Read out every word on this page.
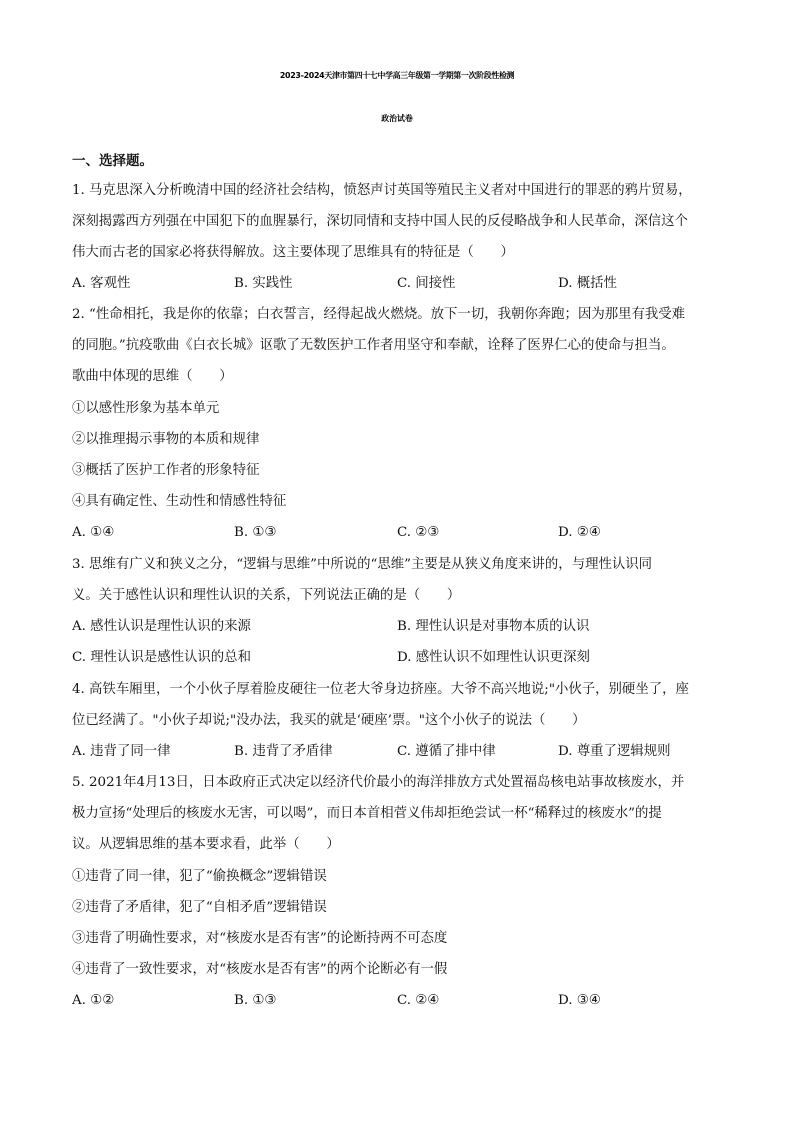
2023-2024天津市第四十七中学高三年级第一学期第一次阶段性检测
政治试卷
一、选择题。
1. 马克思深入分析晚清中国的经济社会结构，愤怒声讨英国等殖民主义者对中国进行的罪恶的鸦片贸易，
深刻揭露西方列强在中国犯下的血腥暴行，深切同情和支持中国人民的反侵略战争和人民革命，深信这个
伟大而古老的国家必将获得解放。这主要体现了思维具有的特征是（　　）
A. 客观性	B. 实践性	C. 间接性	D. 概括性
2. “性命相托，我是你的依靠；白衣誓言，经得起战火燃烧。放下一切，我朝你奔跑；因为那里有我受难
的同胞。”抗疫歌曲《白衣长城》讴歌了无数医护工作者用坚守和奉献，诠释了医界仁心的使命与担当。
歌曲中体现的思维（　　）
①以感性形象为基本单元
②以推理揭示事物的本质和规律
③概括了医护工作者的形象特征
④具有确定性、生动性和情感性特征
A. ①④	B. ①③	C. ②③	D. ②④
3. 思维有广义和狭义之分，“逻辑与思维”中所说的“思维”主要是从狭义角度来讲的，与理性认识同
义。关于感性认识和理性认识的关系，下列说法正确的是（　　）
A. 感性认识是理性认识的来源	B. 理性认识是对事物本质的认识
C. 理性认识是感性认识的总和	D. 感性认识不如理性认识更深刻
4. 高铁车厢里，一个小伙子厚着脸皮硬往一位老大爷身边挤座。大爷不高兴地说;"小伙子，别硬坐了，座
位已经满了。"小伙子却说;"没办法，我买的就是‘硬座’票。"这个小伙子的说法（　　）
A. 违背了同一律	B. 违背了矛盾律	C. 遵循了排中律	D. 尊重了逻辑规则
5. 2021年4月13日，日本政府正式决定以经济代价最小的海洋排放方式处置福岛核电站事故核废水，并
极力宣扬“处理后的核废水无害，可以喝”，而日本首相菅义伟却拒绝尝试一杯“稀释过的核废水”的提
议。从逻辑思维的基本要求看，此举（　　）
①违背了同一律，犯了“偷换概念”逻辑错误
②违背了矛盾律，犯了“自相矛盾”逻辑错误
③违背了明确性要求，对“核废水是否有害”的论断持两不可态度
④违背了一致性要求，对“核废水是否有害”的两个论断必有一假
A. ①②	B. ①③	C. ②④	D. ③④
